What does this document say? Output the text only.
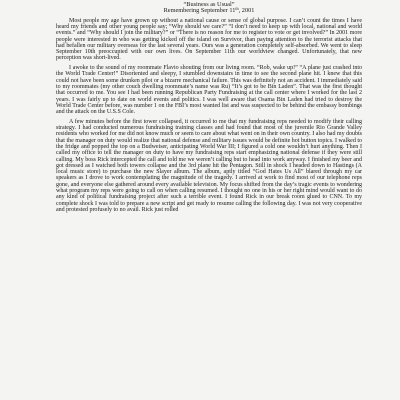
“Business as Usual”
Remembering September 11th, 2001

Most people my age have grown up without a national cause or sense of global purpose. I can’t count the times I have heard my friends and other young people say; “Why should we care?” “I don’t need to keep up with local, national and world events.” and “Why should I join the military?” or “There is no reason for me to register to vote or get involved?” In 2001 more people were interested in who was getting kicked off the island on Survivor, than paying attention to the terrorist attacks that had befallen our military overseas for the last several years. Ours was a generation completely self-absorbed. We went to sleep September 10th preoccupied with our own lives. On September 11th our worldview changed. Unfortunately, that new perception was short-lived.

I awoke to the sound of my roommate Flavio shouting from our living room. “Rob, wake up!” “A plane just crashed into the World Trade Center!” Disoriented and sleepy, I stumbled downstairs in time to see the second plane hit. I knew that this could not have been some drunken pilot or a bizarre mechanical failure. This was definitely not an accident. I immediately said to my roommates (my other couch dwelling roommate’s name was Ru) “It’s got to be Bin Laden”. That was the first thought that occurred to me. You see I had been running Republican Party Fundraising at the call center where I worked for the last 2 years. I was fairly up to date on world events and politics. I was well aware that Osama Bin Laden had tried to destroy the World Trade Center before, was number 1 on the FBI’s most wanted list and was suspected to be behind the embassy bombings and the attack on the U.S.S Cole.

A few minutes before the first tower collapsed, it occurred to me that my fundraising reps needed to modify their calling strategy. I had conducted numerous fundraising training classes and had found that most of the juvenile Rio Grande Valley residents who worked for me did not know much or seem to care about what went on in their own country. I also had my doubts that the manager on duty would realize that national defense and military issues would be definite hot button topics. I walked to the fridge and popped the top on a Budweiser, anticipating World War III; I figured a cold one wouldn’t hurt anything. Then I called my office to tell the manager on duty to have my fundraising reps start emphasizing national defense if they were still calling. My boss Rick intercepted the call and told me we weren’t calling but to head into work anyway. I finished my beer and got dressed as I watched both towers collapse and the 3rd plane hit the Pentagon. Still in shock I headed down to Hastings (A local music store) to purchase the new Slayer album. The album, aptly titled “God Hates Us All” blared through my car speakers as I drove to work contemplating the magnitude of the tragedy. I arrived at work to find most of our telephone reps gone, and everyone else gathered around every available television. My focus shifted from the day’s tragic events to wondering what program my reps were going to call on when calling resumed. I thought no one in his or her right mind would want to do any kind of political fundraising project after such a terrible event. I found Rick in our break room glued to CNN. To my complete shock I was told to prepare a new script and get ready to resume calling the following day. I was not very cooperative and protested profusely to no avail. Rick just rolled
